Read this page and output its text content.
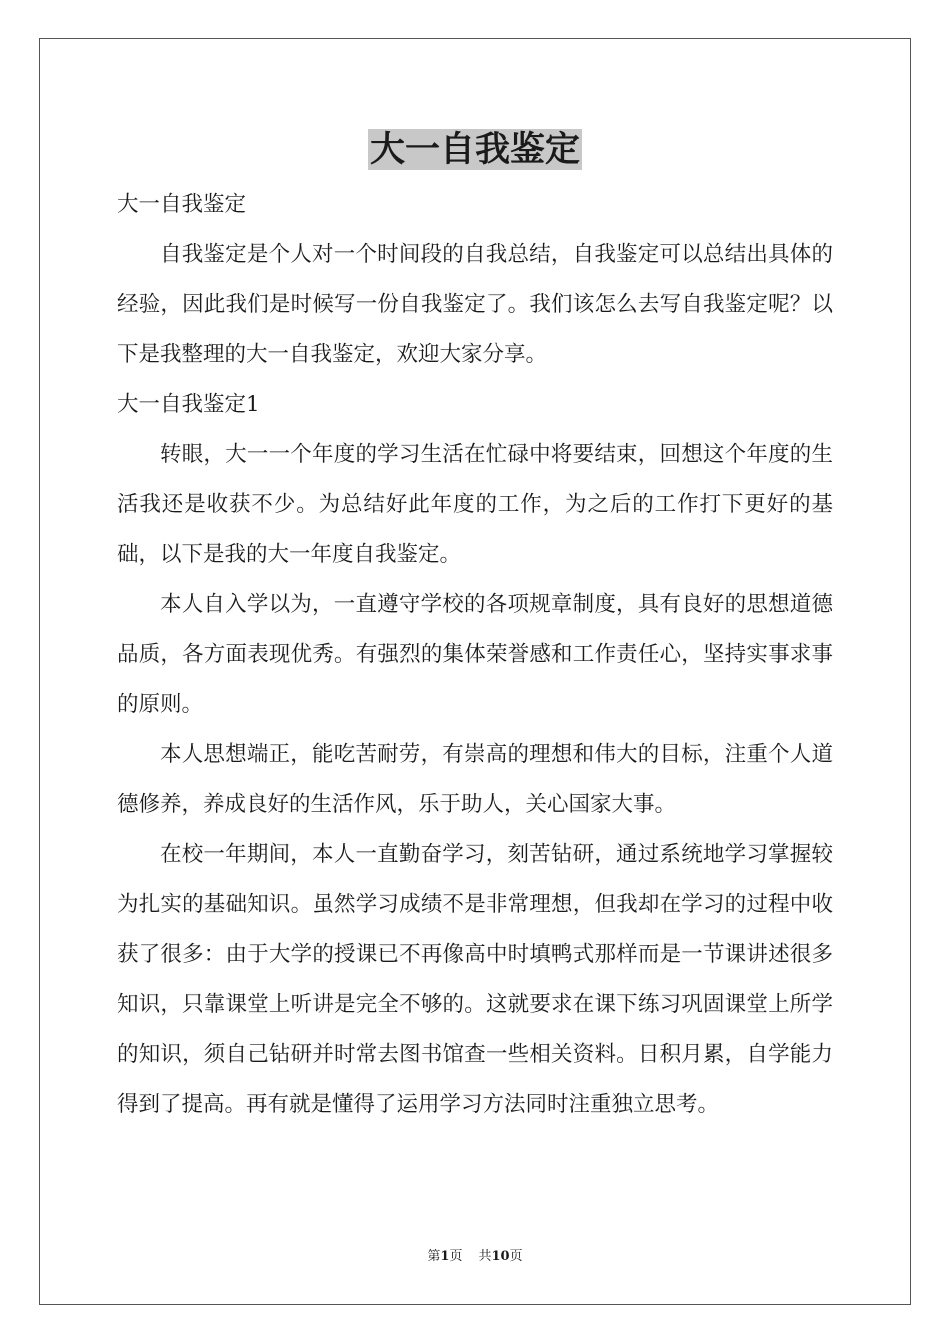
大一自我鉴定

大一自我鉴定

自我鉴定是个人对一个时间段的自我总结，自我鉴定可以总结出具体的经验，因此我们是时候写一份自我鉴定了。我们该怎么去写自我鉴定呢？以下是我整理的大一自我鉴定，欢迎大家分享。

大一自我鉴定1

转眼，大一一个年度的学习生活在忙碌中将要结束，回想这个年度的生活我还是收获不少。为总结好此年度的工作，为之后的工作打下更好的基础，以下是我的大一年度自我鉴定。

本人自入学以为，一直遵守学校的各项规章制度，具有良好的思想道德品质，各方面表现优秀。有强烈的集体荣誉感和工作责任心，坚持实事求事的原则。

本人思想端正，能吃苦耐劳，有崇高的理想和伟大的目标，注重个人道德修养，养成良好的生活作风，乐于助人，关心国家大事。

在校一年期间，本人一直勤奋学习，刻苦钻研，通过系统地学习掌握较为扎实的基础知识。虽然学习成绩不是非常理想，但我却在学习的过程中收获了很多：由于大学的授课已不再像高中时填鸭式那样而是一节课讲述很多知识，只靠课堂上听讲是完全不够的。这就要求在课下练习巩固课堂上所学的知识，须自己钻研并时常去图书馆查一些相关资料。日积月累，自学能力得到了提高。再有就是懂得了运用学习方法同时注重独立思考。

第1页 共10页
